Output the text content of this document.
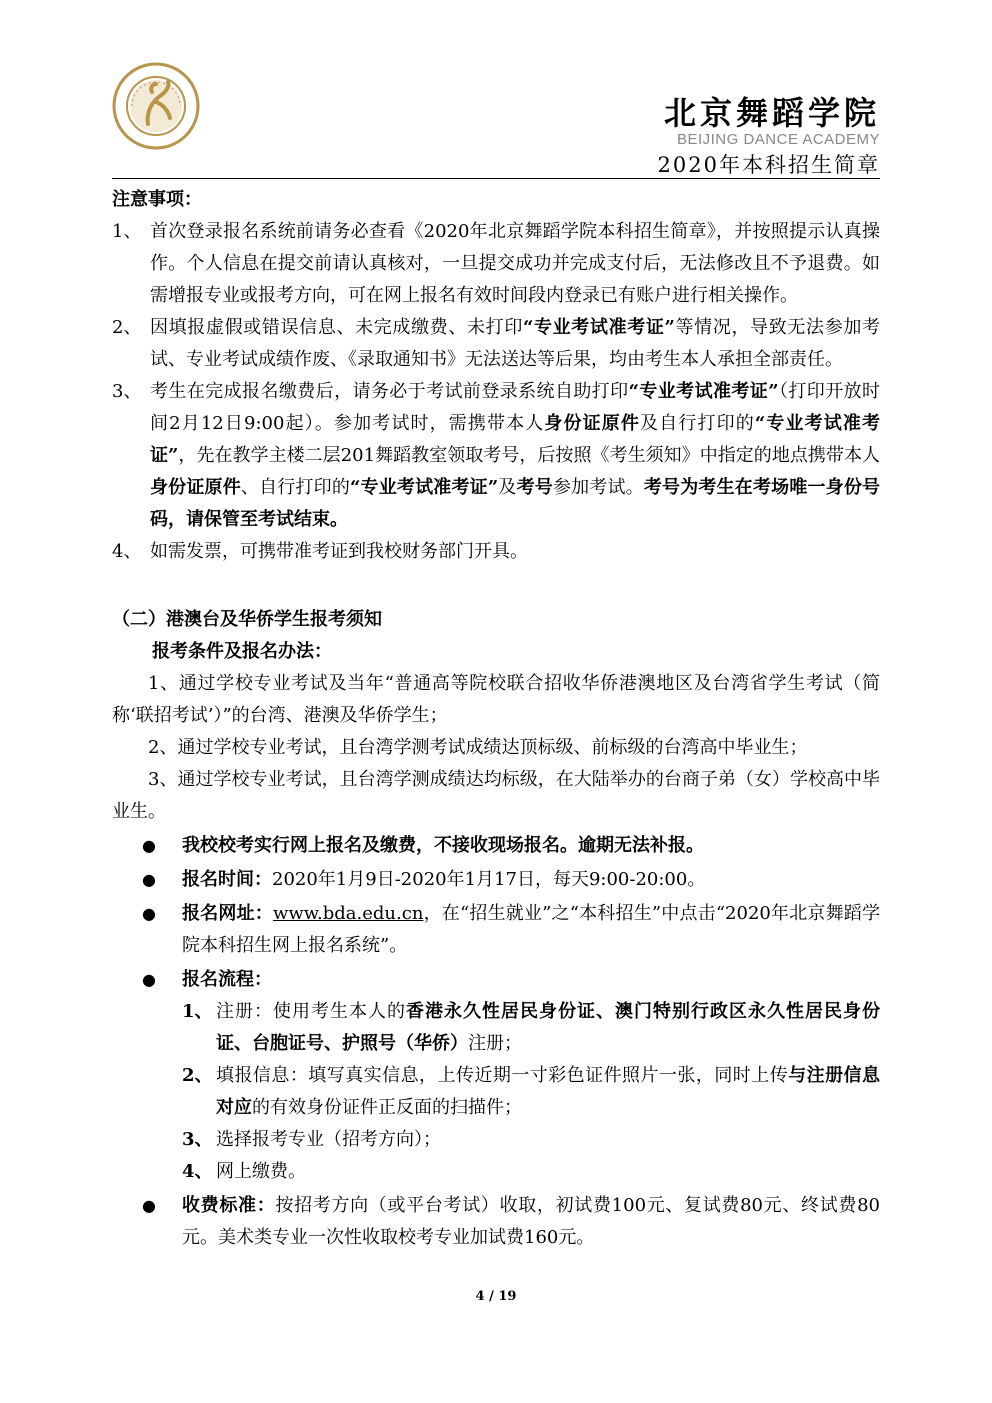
北京舞蹈学院
BEIJING DANCE ACADEMY
2020年本科招生简章
注意事项：
1、 首次登录报名系统前请务必查看《2020年北京舞蹈学院本科招生简章》，并按照提示认真操作。个人信息在提交前请认真核对，一旦提交成功并完成支付后，无法修改且不予退费。如需增报专业或报考方向，可在网上报名有效时间段内登录已有账户进行相关操作。
2、 因填报虚假或错误信息、未完成缴费、未打印“专业考试准考证”等情况，导致无法参加考试、专业考试成绩作废、《录取通知书》无法送达等后果，均由考生本人承担全部责任。
3、 考生在完成报名缴费后，请务必于考试前登录系统自助打印“专业考试准考证”（打印开放时间2月12日9:00起）。参加考试时，需携带本人身份证原件及自行打印的“专业考试准考证”，先在教学主楼二层201舞蹈教室领取考号，后按照《考生须知》中指定的地点携带本人身份证原件、自行打印的“专业考试准考证”及考号参加考试。考号为考生在考场唯一身份号码，请保管至考试结束。
4、 如需发票，可携带准考证到我校财务部门开具。
（二）港澳台及华侨学生报考须知
报考条件及报名办法：
1、通过学校专业考试及当年“普通高等院校联合招收华侨港澳地区及台湾省学生考试（简称‘联招考试’）”的台湾、港澳及华侨学生；
2、通过学校专业考试，且台湾学测考试成绩达顶标级、前标级的台湾高中毕业生；
3、通过学校专业考试，且台湾学测成绩达均标级，在大陆举办的台商子弟（女）学校高中毕业生。
●	我校校考实行网上报名及缴费，不接收现场报名。逾期无法补报。
●	报名时间：2020年1月9日-2020年1月17日，每天9:00-20:00。
●	报名网址：www.bda.edu.cn，在“招生就业”之“本科招生”中点击“2020年北京舞蹈学院本科招生网上报名系统”。
●	报名流程：
1、 注册：使用考生本人的香港永久性居民身份证、澳门特别行政区永久性居民身份证、台胞证号、护照号（华侨）注册；
2、 填报信息：填写真实信息，上传近期一寸彩色证件照片一张，同时上传与注册信息对应的有效身份证件正反面的扫描件；
3、 选择报考专业（招考方向）；
4、 网上缴费。
●	收费标准：按招考方向（或平台考试）收取，初试费100元、复试费80元、终试费80元。美术类专业一次性收取校考专业加试费160元。
4 / 19
